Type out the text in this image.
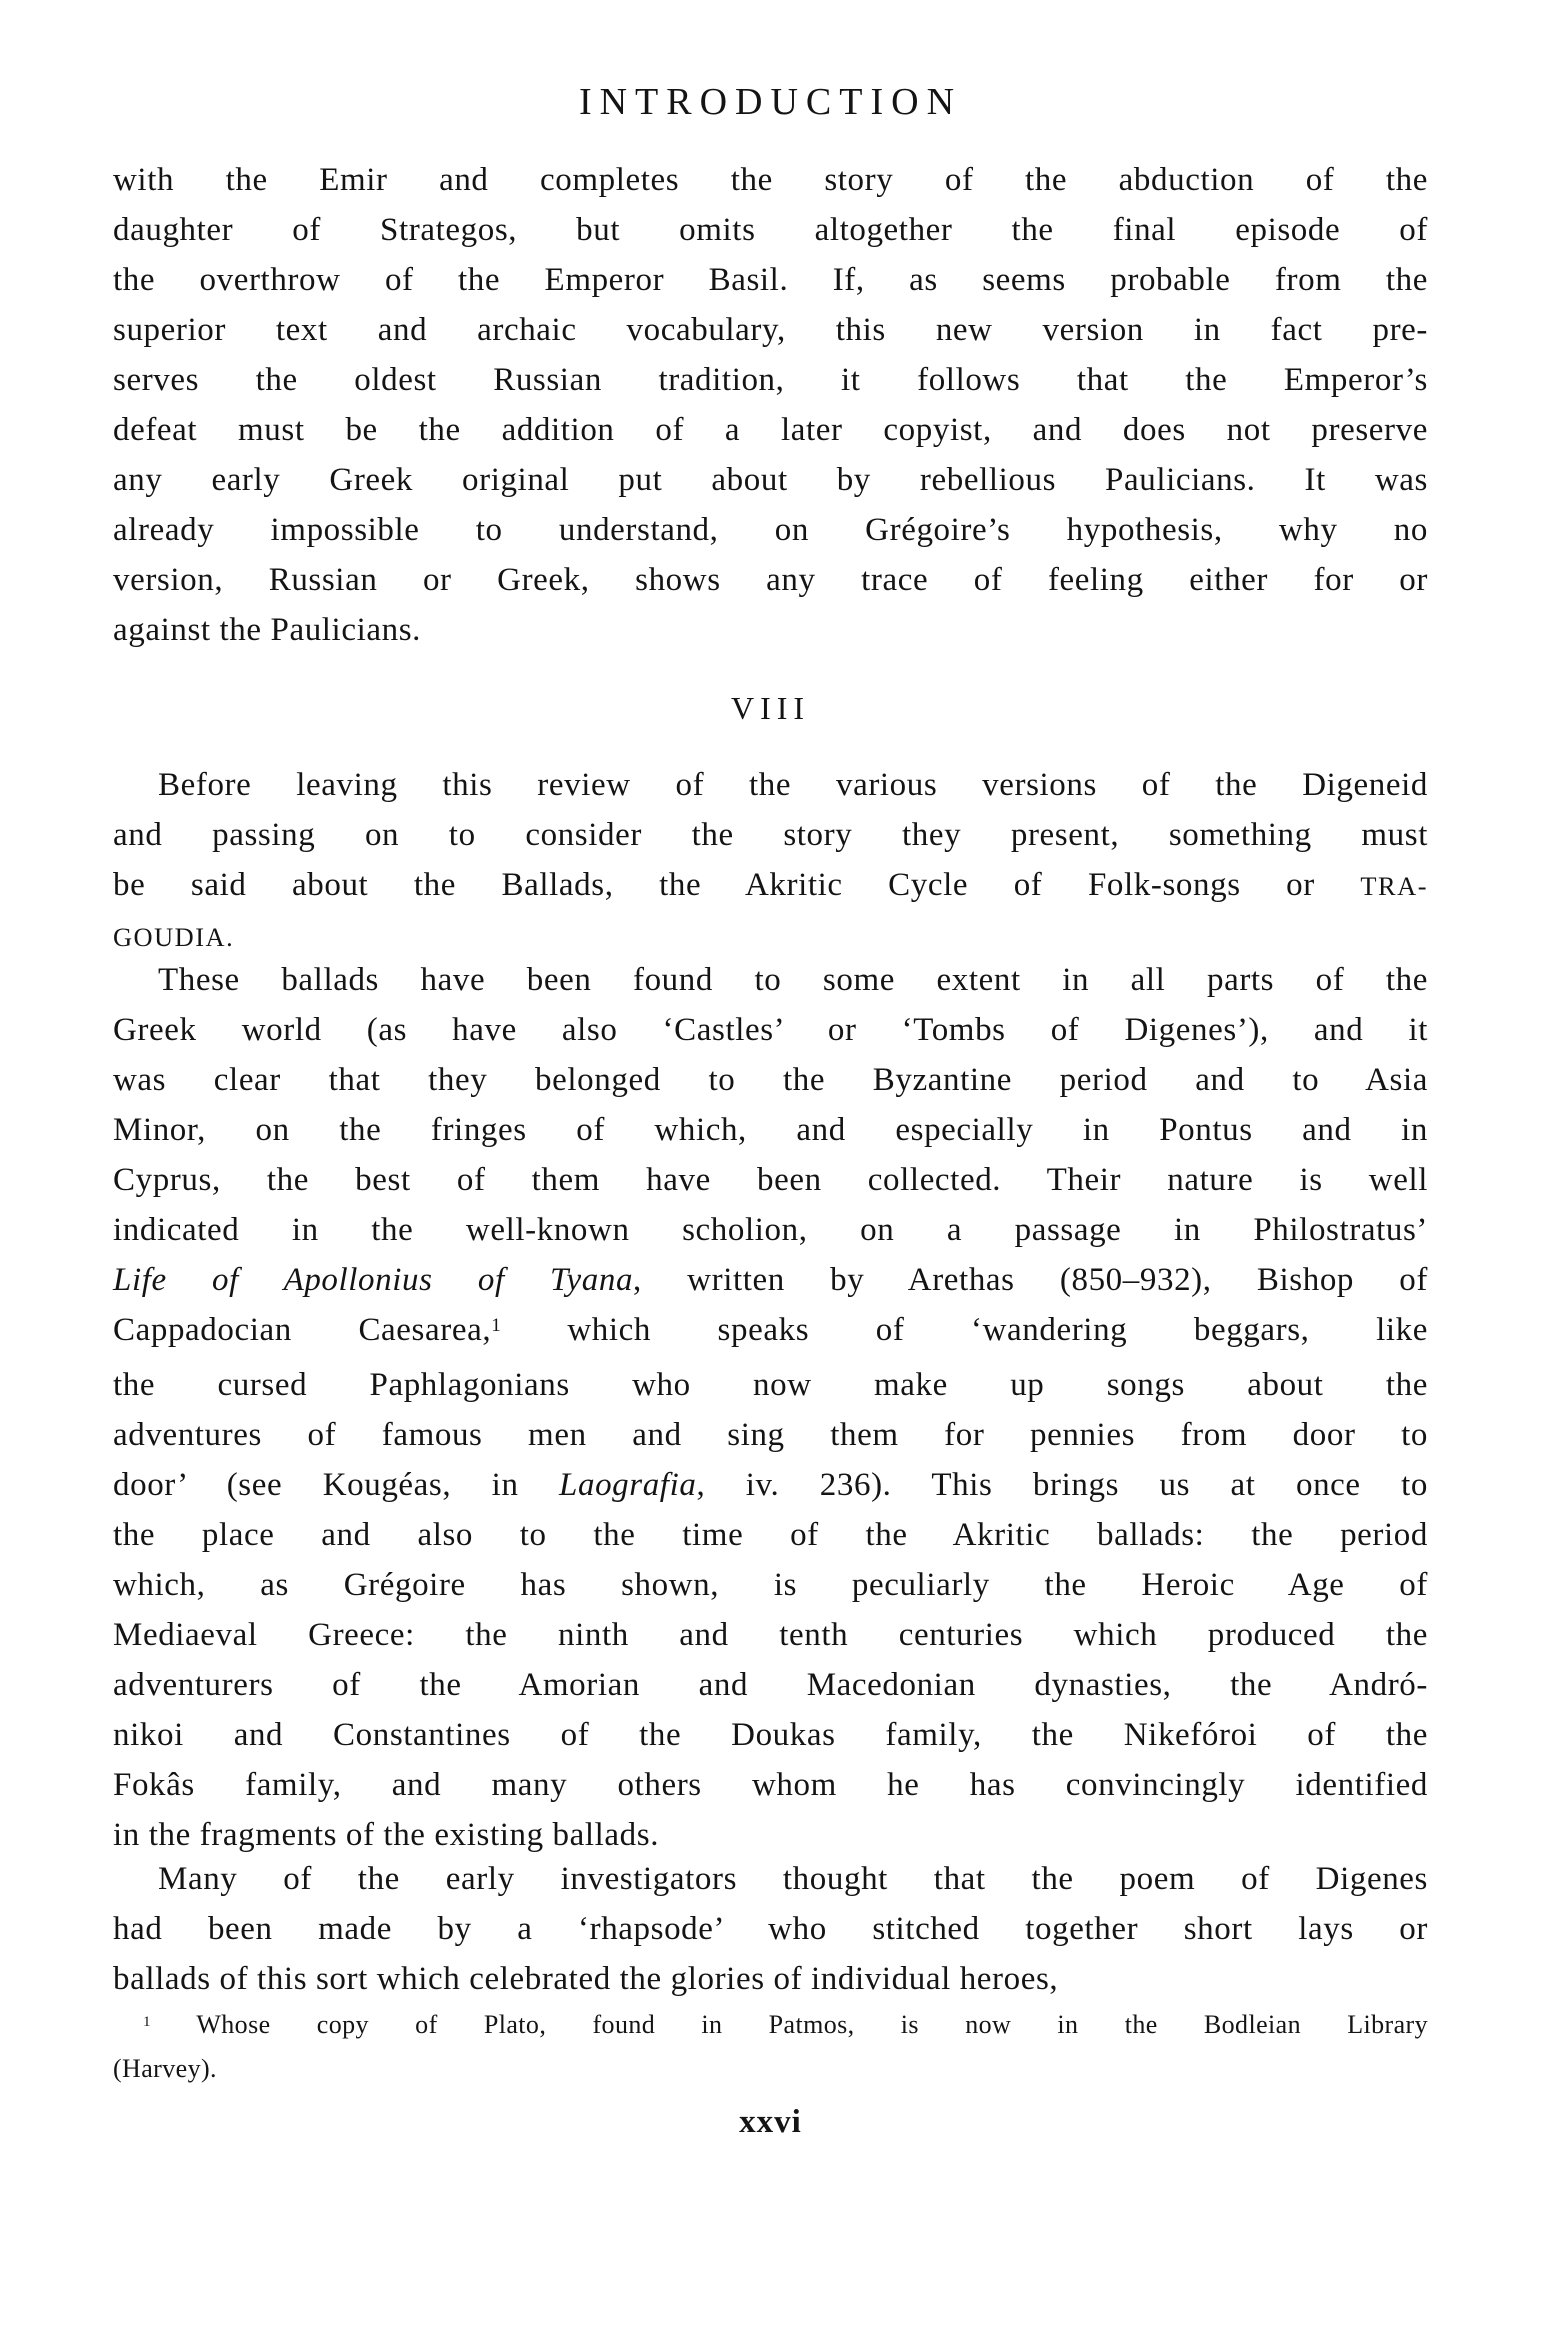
INTRODUCTION
with the Emir and completes the story of the abduction of the
daughter of Strategos, but omits altogether the final episode of
the overthrow of the Emperor Basil. If, as seems probable from the
superior text and archaic vocabulary, this new version in fact pre-
serves the oldest Russian tradition, it follows that the Emperor’s
defeat must be the addition of a later copyist, and does not preserve
any early Greek original put about by rebellious Paulicians. It was
already impossible to understand, on Grégoire’s hypothesis, why no
version, Russian or Greek, shows any trace of feeling either for or
against the Paulicians.
VIII
Before leaving this review of the various versions of the Digeneid
and passing on to consider the story they present, something must
be said about the Ballads, the Akritic Cycle of Folk-songs or TRA-
GOUDIA.
These ballads have been found to some extent in all parts of the
Greek world (as have also ‘Castles’ or ‘Tombs of Digenes’), and it
was clear that they belonged to the Byzantine period and to Asia
Minor, on the fringes of which, and especially in Pontus and in
Cyprus, the best of them have been collected. Their nature is well
indicated in the well-known scholion, on a passage in Philostratus’
Life of Apollonius of Tyana, written by Arethas (850–932), Bishop of
Cappadocian Caesarea,$^1$ which speaks of ‘wandering beggars, like
the cursed Paphlagonians who now make up songs about the
adventures of famous men and sing them for pennies from door to
door’ (see Kougéas, in Laografia, iv. 236). This brings us at once to
the place and also to the time of the Akritic ballads: the period
which, as Grégoire has shown, is peculiarly the Heroic Age of
Mediaeval Greece: the ninth and tenth centuries which produced the
adventurers of the Amorian and Macedonian dynasties, the Andró-
nikoi and Constantines of the Doukas family, the Nikefóroi of the
Fokâs family, and many others whom he has convincingly identified
in the fragments of the existing ballads.
Many of the early investigators thought that the poem of Digenes
had been made by a ‘rhapsode’ who stitched together short lays or
ballads of this sort which celebrated the glories of individual heroes,
$^1$ Whose copy of Plato, found in Patmos, is now in the Bodleian Library
(Harvey).
xxvi
